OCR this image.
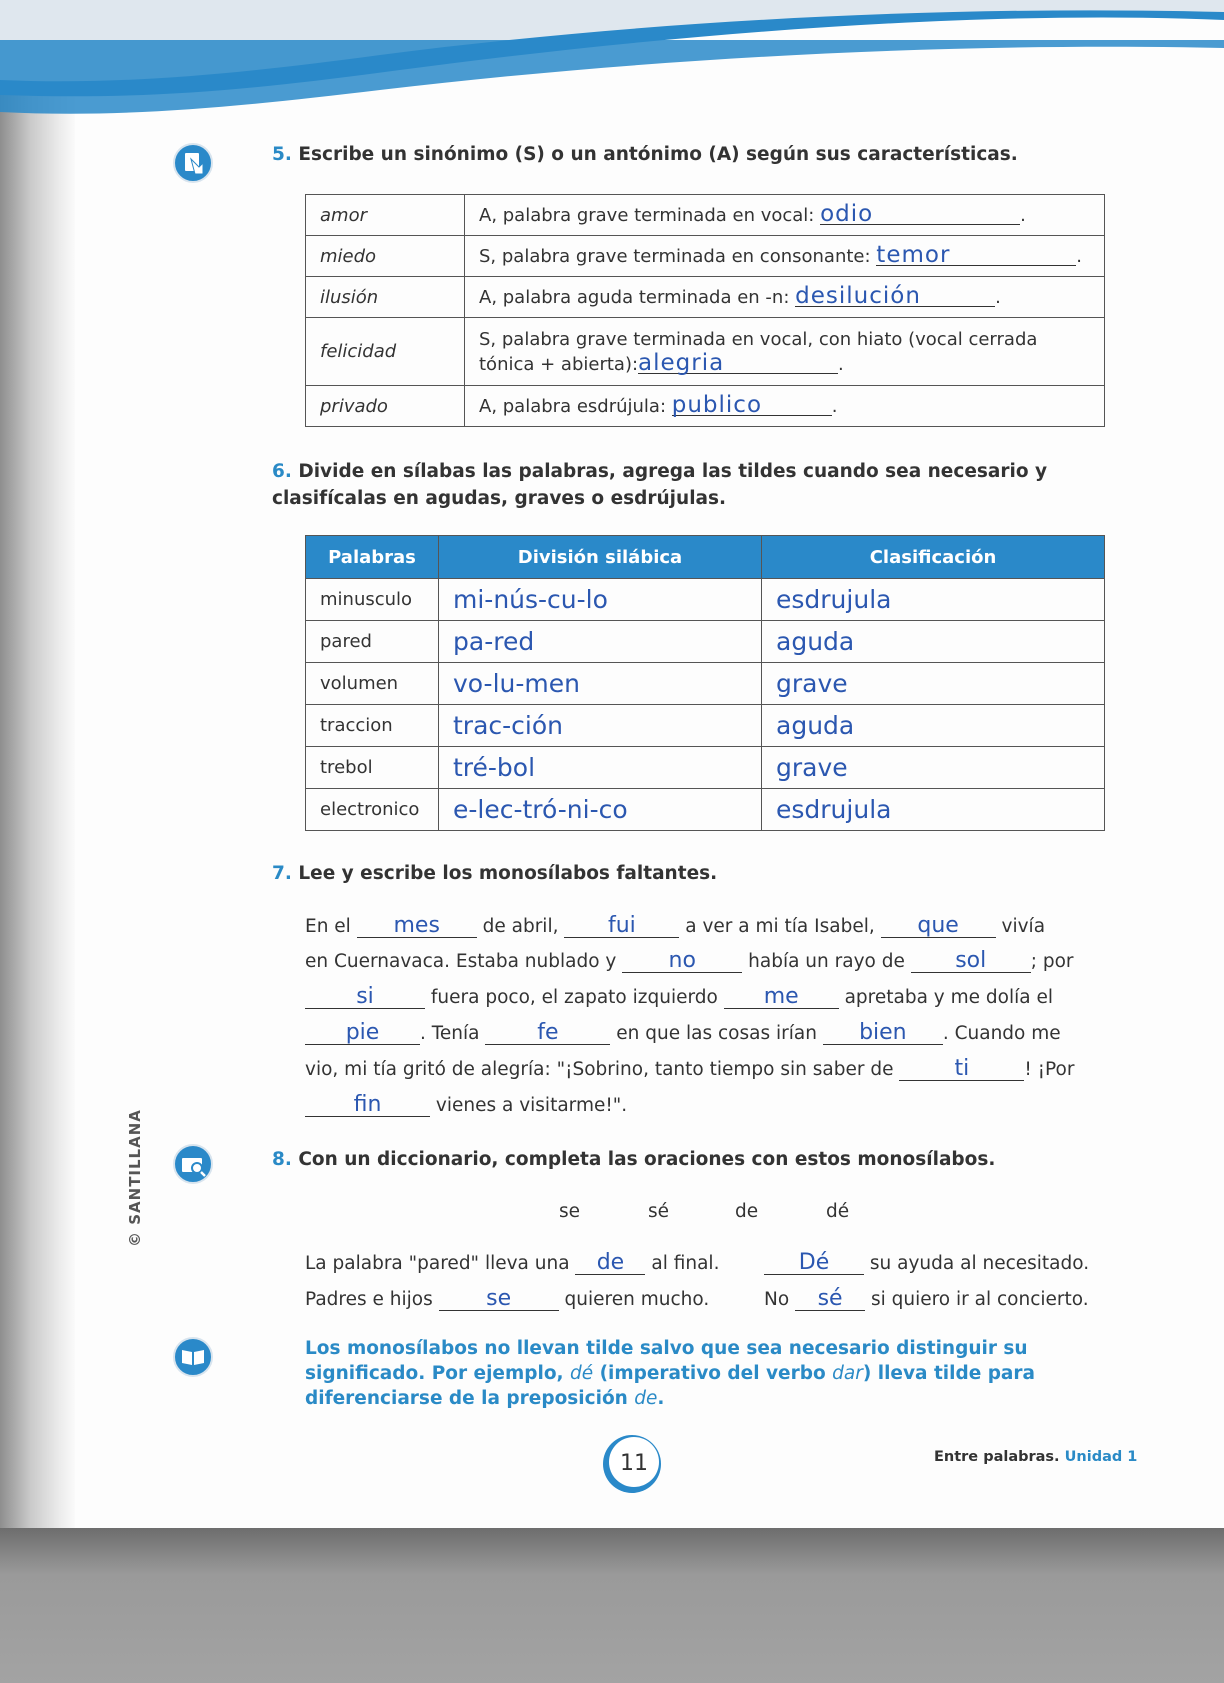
5. Escribe un sinónimo (S) o un antónimo (A) según sus características.
amor	A, palabra grave terminada en vocal: odio .
miedo	S, palabra grave terminada en consonante: temor .
ilusión	A, palabra aguda terminada en -n: desilución .
felicidad	S, palabra grave terminada en vocal, con hiato (vocal cerrada tónica + abierta):alegria .
privado	A, palabra esdrújula: publico .
6. Divide en sílabas las palabras, agrega las tildes cuando sea necesario y clasifícalas en agudas, graves o esdrújulas.
Palabras	División silábica	Clasificación
minusculo	mi-nús-cu-lo	esdrujula
pared	pa-red	aguda
volumen	vo-lu-men	grave
traccion	trac-ción	aguda
trebol	tré-bol	grave
electronico	e-lec-tró-ni-co	esdrujula
7. Lee y escribe los monosílabos faltantes.
En el mes de abril, fui	a ver a mi tía Isabel, que vivía
en Cuernavaca. Estaba nublado y no	había un rayo de sol ; por
si	fuera poco, el zapato izquierdo me apretaba y me dolía el
pie . Tenía	fe	en que las cosas irían bien . Cuando me
vio, mi tía gritó de alegría: "¡Sobrino, tanto tiempo sin saber de	ti	! ¡Por
fin	vienes a visitarme!".
8. Con un diccionario, completa las oraciones con estos monosílabos.
se	sé	de	dé
La palabra "pared" lleva una de al final.	Dé su ayuda al necesitado.
Padres e hijos se	quieren mucho.	No sé si quiero ir al concierto.
Los monosílabos no llevan tilde salvo que sea necesario distinguir su significado. Por ejemplo, dé (imperativo del verbo dar) lleva tilde para diferenciarse de la preposición de.
© SANTILLANA
11	Entre palabras. Unidad 1
